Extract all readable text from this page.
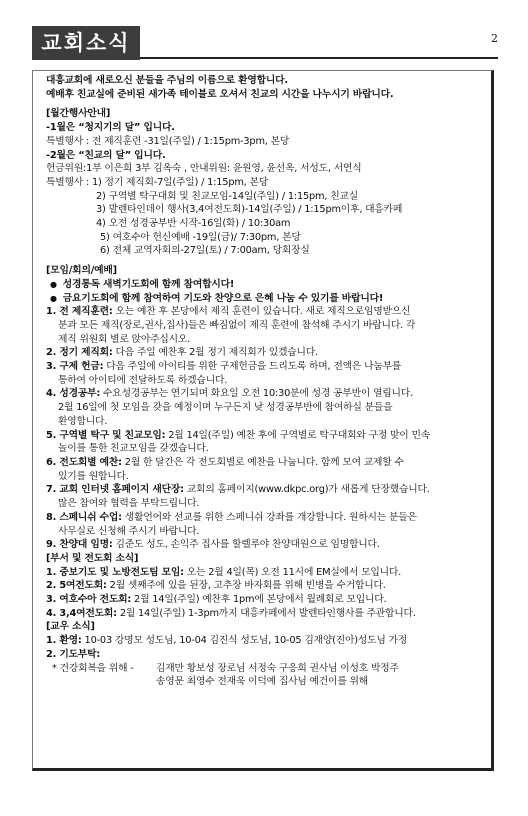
교회소식	2
대흥교회에 새로오신 분들을 주님의 이름으로 환영합니다.
예배후 친교실에 준비된 새가족 테이블로 오셔서 친교의 시간을 나누시기 바랍니다.
[월간행사안내]
-1월은 “청지기의 달” 입니다.
특별행사 : 전 제직훈련 -31일(주일) / 1:15pm-3pm, 본당
-2월은 “친교의 달” 입니다.
헌금위원:1부 이은희 3부 김옥숙 , 안내위원: 윤원영, 윤선옥, 서성도, 서연식
특별행사 : 1) 정기 제직회-7일(주일) / 1:15pm, 본당
2) 구역별 탁구대회 및 친교모임-14일(주일) / 1:15pm, 친교실
3) 발렌타인데이 행사(3,4여전도회)-14일(주일) / 1:15pm이후, 대흥카페
4) 오전 성경공부반 시작-16일(화) / 10:30am
5) 여호수아 헌신예배 -19일(금)/ 7:30pm, 본당
6) 전체 교역자회의-27일(토) / 7:00am, 당회장실
[모임/회의/예배]
● 성경통독 새벽기도회에 함께 참여합시다!
● 금요기도회에 함께 참여하여 기도와 찬양으로 은혜 나눔 수 있기를 바랍니다!
1. 전 제직훈련: 오는 예찬 후 본당에서 제직 훈련이 있습니다. 새로 제직으로임명받으신
분과 모든 제직(장로,권사,집사)들은 빠짐없이 제직 훈련에 참석해 주시기 바랍니다. 각
제직 위원회 별로 앉아주십시오.
2. 정기 제직회: 다음 주일 예찬후 2월 정기 제직회가 있겠습니다.
3. 구제 헌금: 다음 주일에 아이티를 위한 구제헌금을 드리도록 하며, 전액은 나눔부를
통하여 아이티에 전달하도록 하겠습니다.
4. 성경공부: 수요성경공부는 연기되며 화요일 오전 10:30분에 성경 공부반이 열립니다.
2월 16일에 첫 모임을 갖을 예정이며 누구든지 낮 성경공부반에 참여하실 분들을
환영합니다.
5. 구역별 탁구 및 친교모임: 2월 14일(주일) 예찬 후에 구역별로 탁구대회와 구정 맞이 민속
놀이를 통한 친교모임을 갖겠습니다.
6. 전도회별 예찬: 2월 한 달간은 각 전도회별로 예찬을 나눕니다. 함께 모여 교제할 수
있기를 원합니다.
7. 교회 인터넷 홈페이지 새단장: 교회의 홈페이지(www.dkpc.org)가 새롭게 단장했습니다.
많은 참여와 협력을 부탁드립니다.
8. 스페니쉬 수업: 생활언어와 선교를 위한 스페니쉬 강좌를 개강합니다. 원하시는 분들은
사무실로 신청해 주시기 바랍니다.
9. 찬양대 임명: 김준도 성도, 손익주 집사를 할렐루야 찬양대원으로 임명합니다.
[부서 및 전도회 소식]
1. 중보기도 및 노방전도팀 모임: 오는 2월 4일(목) 오전 11시에 EM실에서 모입니다.
2. 5여전도회: 2월 셋째주에 있을 된장, 고추장 바자회를 위해 빈병을 수거합니다.
3. 여호수아 전도회: 2월 14일(주일) 예찬후 1pm에 본당에서 월례회로 모입니다.
4. 3,4여전도회: 2월 14일(주일) 1-3pm까지 대흥카페에서 발렌타인행사를 주관합니다.
[교우 소식]
1. 환영: 10-03 강명모 성도님, 10-04 김진식 성도님, 10-05 김재양(진아)성도님 가정
2. 기도부탁:
* 건강회복을 위해 -	김재만 황보성 장로님 서정숙 구응희 권사님 이성호 박정주
송영문 최영수 전재욱 이덕예 집사님 예건이를 위해
